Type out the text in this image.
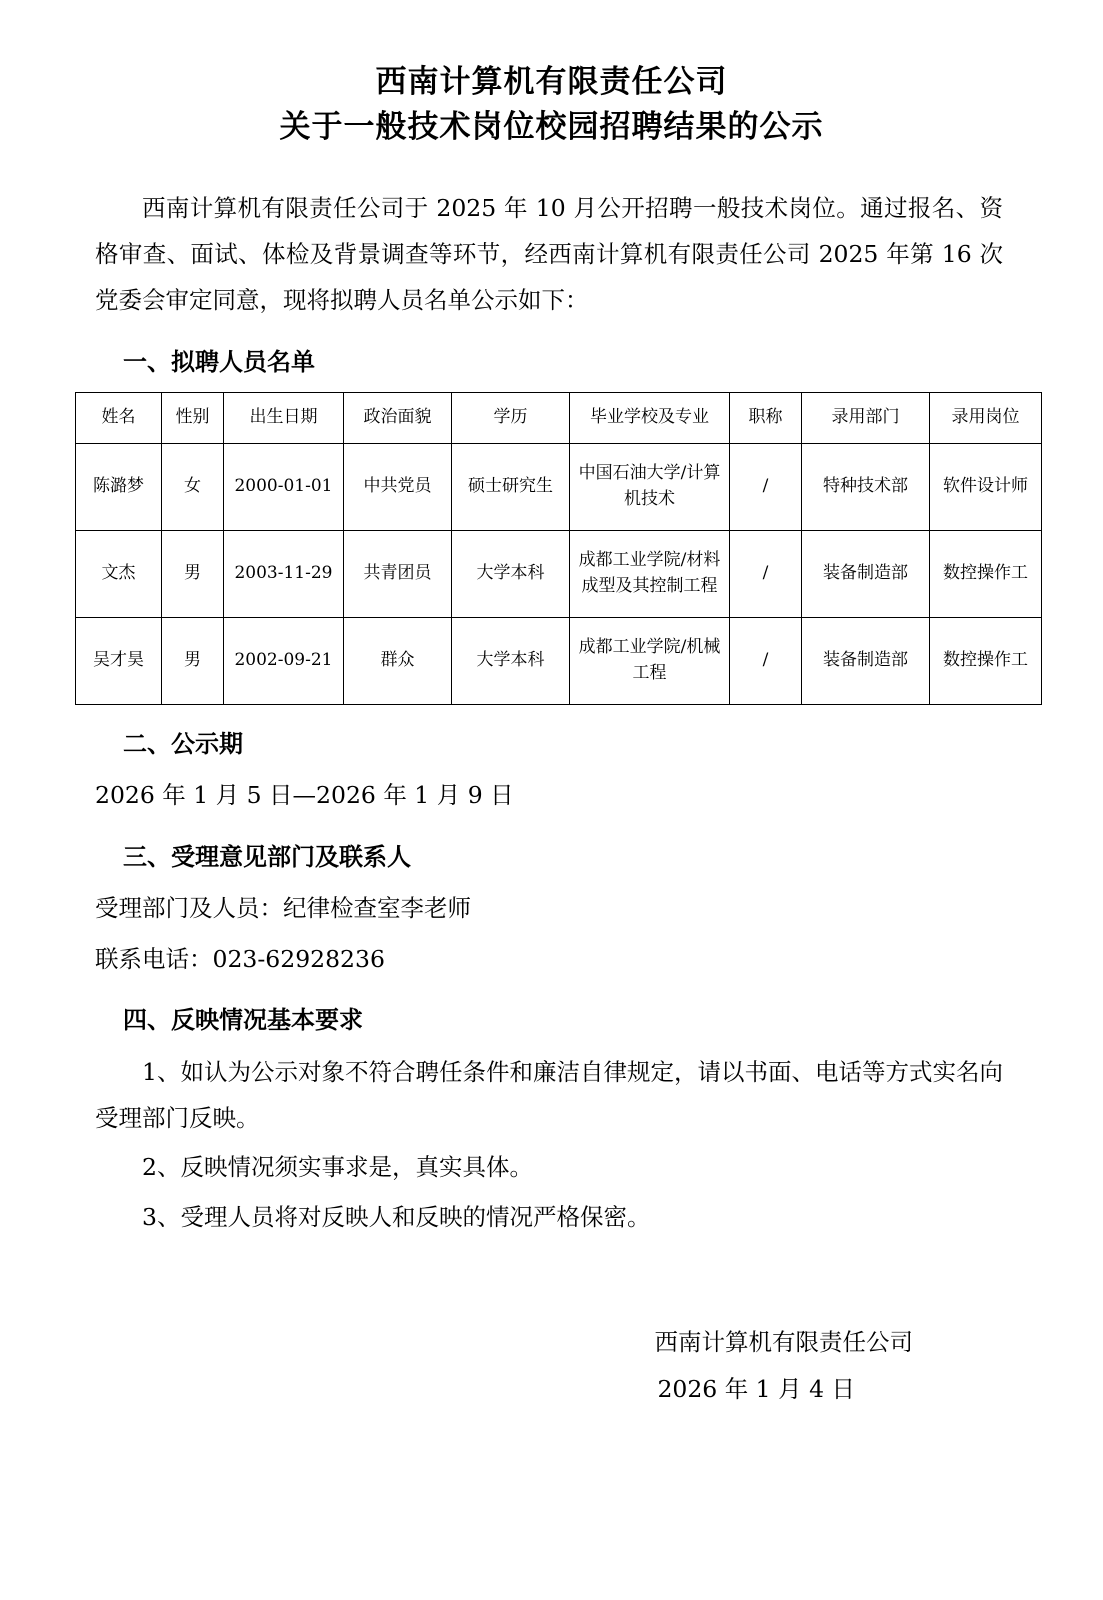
西南计算机有限责任公司
关于一般技术岗位校园招聘结果的公示

西南计算机有限责任公司于 2025 年 10 月公开招聘一般技术岗位。通过报名、资格审查、面试、体检及背景调查等环节，经西南计算机有限责任公司 2025 年第 16 次党委会审定同意，现将拟聘人员名单公示如下：

一、拟聘人员名单
姓名	性别	出生日期	政治面貌	学历	毕业学校及专业	职称	录用部门	录用岗位
陈潞梦	女	2000-01-01	中共党员	硕士研究生	中国石油大学/计算机技术	/	特种技术部	软件设计师
文杰	男	2003-11-29	共青团员	大学本科	成都工业学院/材料成型及其控制工程	/	装备制造部	数控操作工
吴才昊	男	2002-09-21	群众	大学本科	成都工业学院/机械工程	/	装备制造部	数控操作工
二、公示期
2026 年 1 月 5 日—2026 年 1 月 9 日
三、受理意见部门及联系人
受理部门及人员：纪律检查室李老师
联系电话：023-62928236
四、反映情况基本要求
1、如认为公示对象不符合聘任条件和廉洁自律规定，请以书面、电话等方式实名向受理部门反映。
2、反映情况须实事求是，真实具体。
3、受理人员将对反映人和反映的情况严格保密。
西南计算机有限责任公司
2026 年 1 月 4 日
